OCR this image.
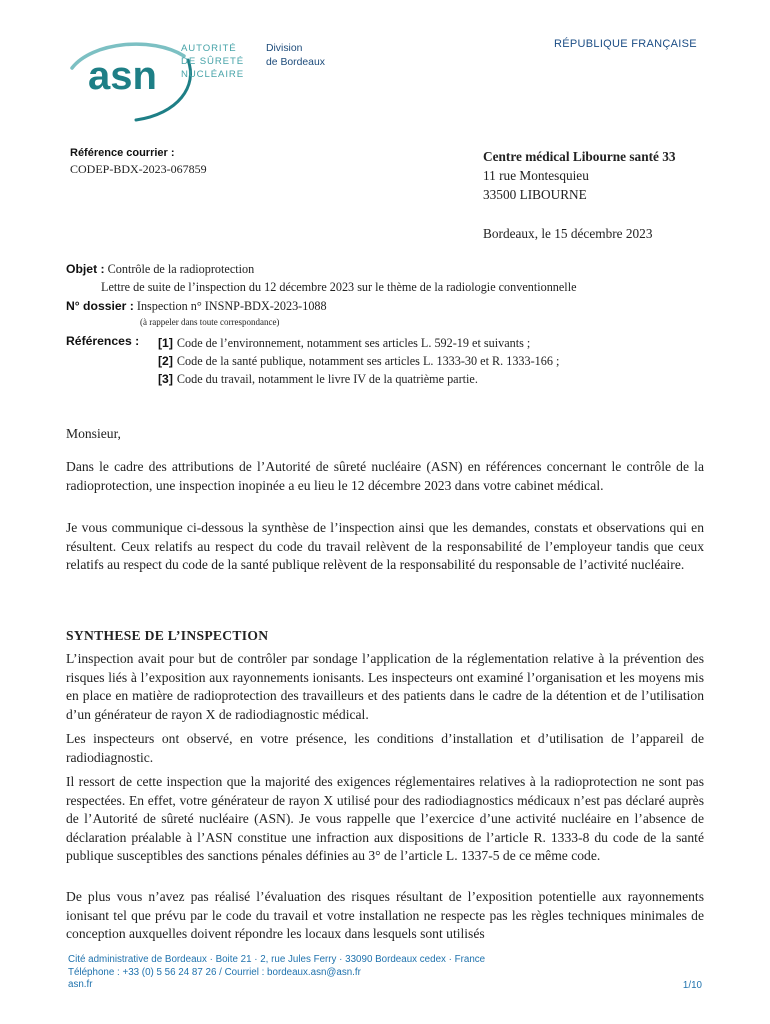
asn
AUTORITÉ
DE SÛRETÉ
NUCLÉAIRE
Division
de Bordeaux
RÉPUBLIQUE FRANÇAISE
Référence courrier :
CODEP-BDX-2023-067859
Centre médical Libourne santé 33
11 rue Montesquieu
33500 LIBOURNE
Bordeaux, le 15 décembre 2023
Objet : Contrôle de la radioprotection
Lettre de suite de l’inspection du 12 décembre 2023 sur le thème de la radiologie conventionnelle
N° dossier : Inspection n° INSNP-BDX-2023-1088
(à rappeler dans toute correspondance)
Références : [1] Code de l’environnement, notamment ses articles L. 592-19 et suivants ;
[2] Code de la santé publique, notamment ses articles L. 1333-30 et R. 1333-166 ;
[3] Code du travail, notamment le livre IV de la quatrième partie.
Monsieur,
Dans le cadre des attributions de l’Autorité de sûreté nucléaire (ASN) en références concernant le contrôle de la radioprotection, une inspection inopinée a eu lieu le 12 décembre 2023 dans votre cabinet médical.
Je vous communique ci-dessous la synthèse de l’inspection ainsi que les demandes, constats et observations qui en résultent. Ceux relatifs au respect du code du travail relèvent de la responsabilité de l’employeur tandis que ceux relatifs au respect du code de la santé publique relèvent de la responsabilité du responsable de l’activité nucléaire.
SYNTHESE DE L’INSPECTION
L’inspection avait pour but de contrôler par sondage l’application de la réglementation relative à la prévention des risques liés à l’exposition aux rayonnements ionisants. Les inspecteurs ont examiné l’organisation et les moyens mis en place en matière de radioprotection des travailleurs et des patients dans le cadre de la détention et de l’utilisation d’un générateur de rayon X de radiodiagnostic médical.
Les inspecteurs ont observé, en votre présence, les conditions d’installation et d’utilisation de l’appareil de radiodiagnostic.
Il ressort de cette inspection que la majorité des exigences réglementaires relatives à la radioprotection ne sont pas respectées. En effet, votre générateur de rayon X utilisé pour des radiodiagnostics médicaux n’est pas déclaré auprès de l’Autorité de sûreté nucléaire (ASN). Je vous rappelle que l’exercice d’une activité nucléaire en l’absence de déclaration préalable à l’ASN constitue une infraction aux dispositions de l’article R. 1333-8 du code de la santé publique susceptibles des sanctions pénales définies au 3° de l’article L. 1337-5 de ce même code.
De plus vous n’avez pas réalisé l’évaluation des risques résultant de l’exposition potentielle aux rayonnements ionisant tel que prévu par le code du travail et votre installation ne respecte pas les règles techniques minimales de conception auxquelles doivent répondre les locaux dans lesquels sont utilisés
Cité administrative de Bordeaux · Boite 21 · 2, rue Jules Ferry · 33090 Bordeaux cedex · France
Téléphone : +33 (0) 5 56 24 87 26 / Courriel : bordeaux.asn@asn.fr
asn.fr	1/10
